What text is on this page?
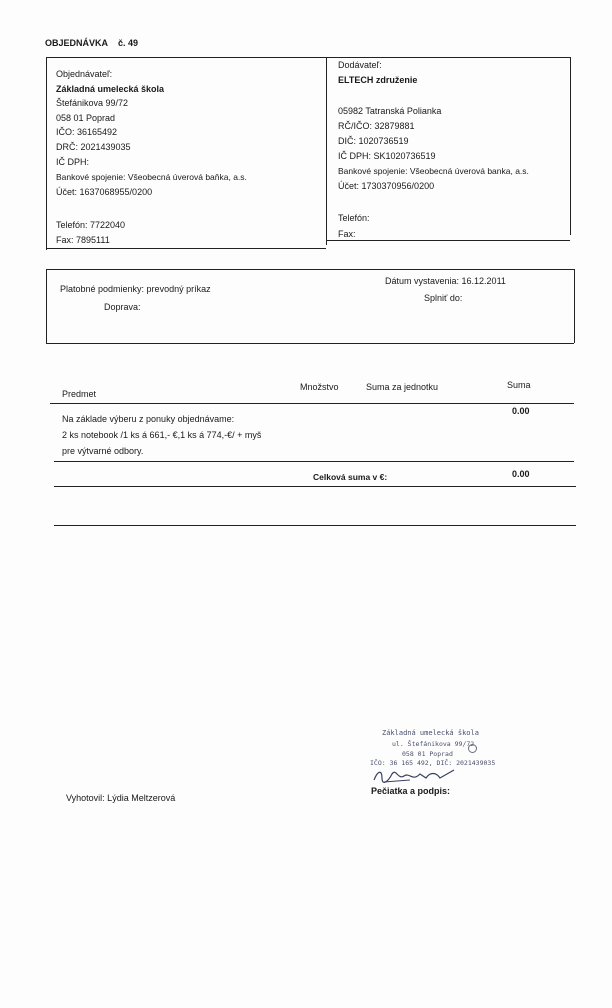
OBJEDNÁVKA č. 49
Objednávateľ:
Základná umelecká škola
Štefánikova 99/72
058 01 Poprad
IČO: 36165492
DRČ: 2021439035
IČ DPH:
Bankové spojenie: Všeobecná úverová baňka, a.s.
Účet: 1637068955/0200
Telefón: 7722040
Fax: 7895111
Dodávateľ:
ELTECH združenie
05982 Tatranská Polianka
RČ/IČO: 32879881
DIČ: 1020736519
IČ DPH: SK1020736519
Bankové spojenie: Všeobecná úverová banka, a.s.
Účet: 1730370956/0200
Telefón:
Fax:
Platobné podmienky: prevodný príkaz
Doprava:
Dátum vystavenia: 16.12.2011
Splniť do:
Predmet
Množstvo	Suma za jednotku	Suma
Na základe výberu z ponuky objednávame:
2 ks notebook /1 ks á 661,- €,1 ks á 774,-€/ + myš
pre výtvarné odbory.
0.00
Celková suma v €:	0.00
Vyhotovil: Lýdia Meltzerová
Základná umelecká škola
ul. Štefánikova 99/72
058 01 Poprad
IČO: 36 165 492, DIČ: 2021439035
Pečiatka a podpis:
